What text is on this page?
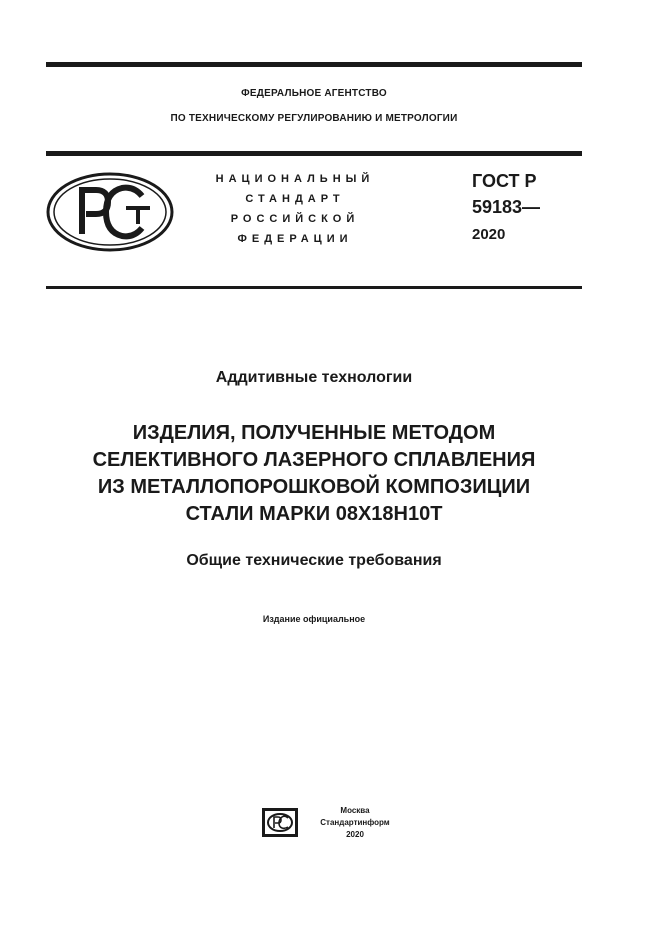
ФЕДЕРАЛЬНОЕ АГЕНТСТВО
ПО ТЕХНИЧЕСКОМУ РЕГУЛИРОВАНИЮ И МЕТРОЛОГИИ
НАЦИОНАЛЬНЫЙ
СТАНДАРТ
РОССИЙСКОЙ
ФЕДЕРАЦИИ
ГОСТ Р
59183—
2020
Аддитивные технологии
ИЗДЕЛИЯ, ПОЛУЧЕННЫЕ МЕТОДОМ
СЕЛЕКТИВНОГО ЛАЗЕРНОГО СПЛАВЛЕНИЯ
ИЗ МЕТАЛЛОПОРОШКОВОЙ КОМПОЗИЦИИ
СТАЛИ МАРКИ 08Х18Н10Т
Общие технические требования
Издание официальное
Москва
Стандартинформ
2020
